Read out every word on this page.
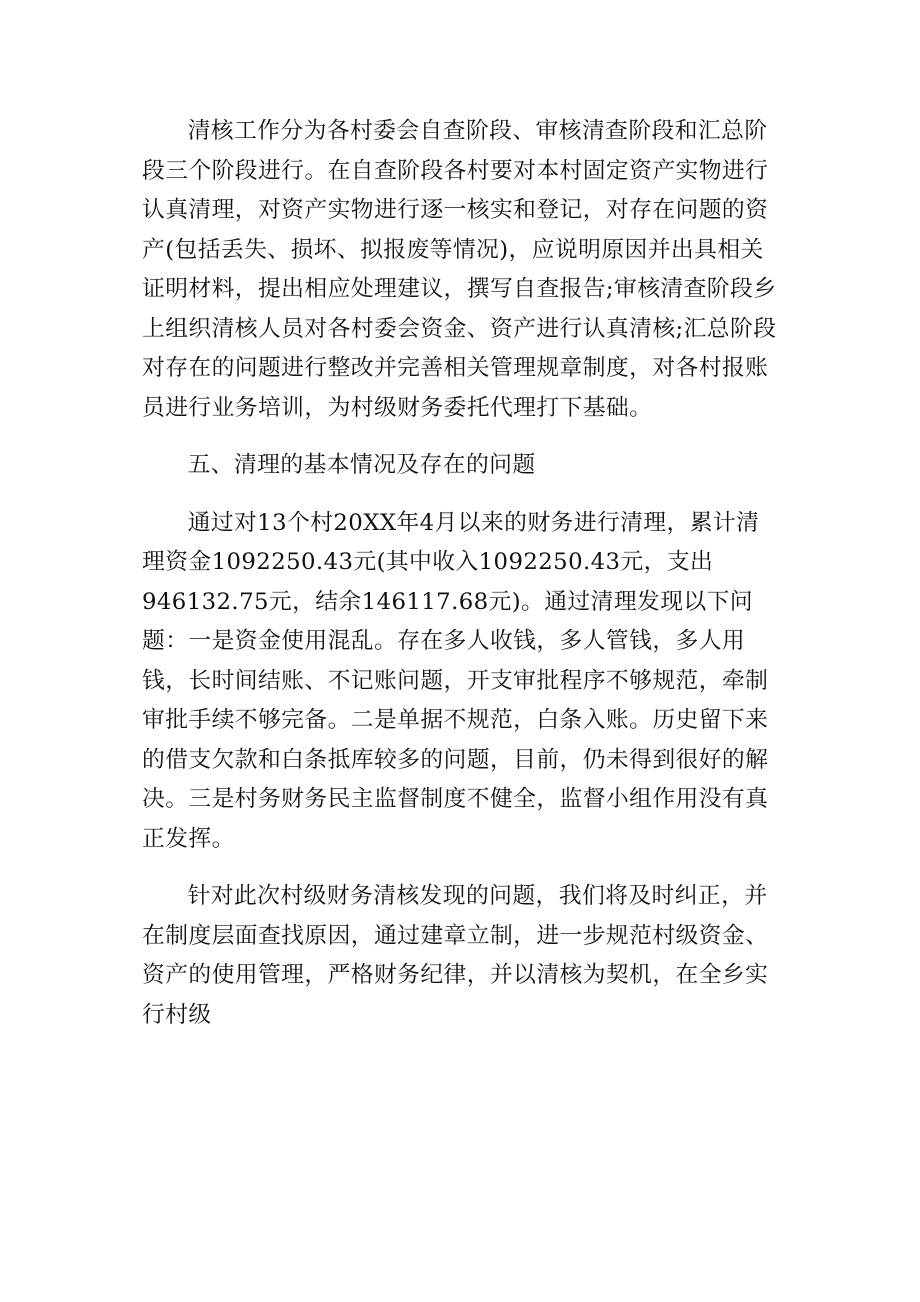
清核工作分为各村委会自查阶段、审核清查阶段和汇总阶段三个阶段进行。在自查阶段各村要对本村固定资产实物进行认真清理，对资产实物进行逐一核实和登记，对存在问题的资产(包括丢失、损坏、拟报废等情况)，应说明原因并出具相关证明材料，提出相应处理建议，撰写自查报告;审核清查阶段乡上组织清核人员对各村委会资金、资产进行认真清核;汇总阶段对存在的问题进行整改并完善相关管理规章制度，对各村报账员进行业务培训，为村级财务委托代理打下基础。

五、清理的基本情况及存在的问题

通过对13个村20XX年4月以来的财务进行清理，累计清理资金1092250.43元(其中收入1092250.43元，支出946132.75元，结余146117.68元)。通过清理发现以下问题：一是资金使用混乱。存在多人收钱，多人管钱，多人用钱，长时间结账、不记账问题，开支审批程序不够规范，牵制审批手续不够完备。二是单据不规范，白条入账。历史留下来的借支欠款和白条抵库较多的问题，目前，仍未得到很好的解决。三是村务财务民主监督制度不健全，监督小组作用没有真正发挥。

针对此次村级财务清核发现的问题，我们将及时纠正，并在制度层面查找原因，通过建章立制，进一步规范村级资金、资产的使用管理，严格财务纪律，并以清核为契机，在全乡实行村级
